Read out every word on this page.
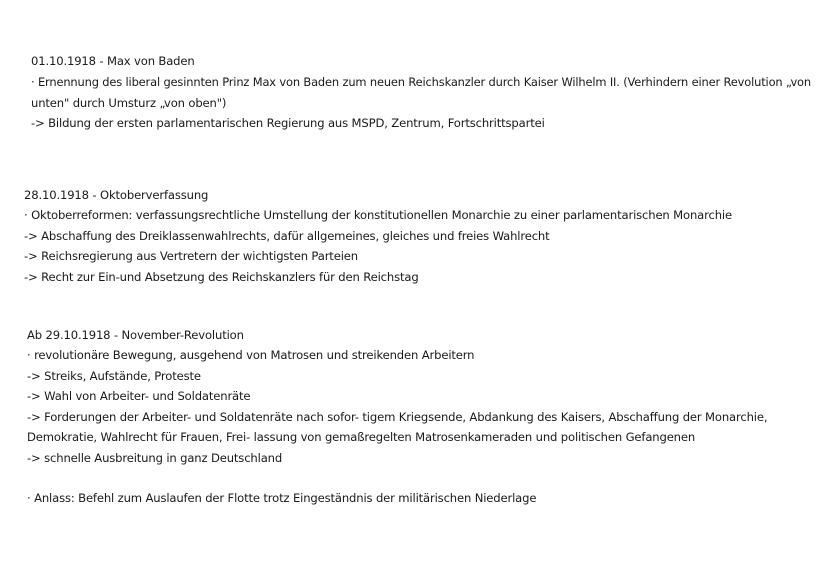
01.10.1918 - Max von Baden
· Ernennung des liberal gesinnten Prinz Max von Baden zum neuen Reichskanzler durch Kaiser Wilhelm II. (Verhindern einer Revolution „von
unten" durch Umsturz „von oben")
-> Bildung der ersten parlamentarischen Regierung aus MSPD, Zentrum, Fortschrittspartei
28.10.1918 - Oktoberverfassung
· Oktoberreformen: verfassungsrechtliche Umstellung der konstitutionellen Monarchie zu einer parlamentarischen Monarchie
-> Abschaffung des Dreiklassenwahlrechts, dafür allgemeines, gleiches und freies Wahlrecht
-> Reichsregierung aus Vertretern der wichtigsten Parteien
-> Recht zur Ein-und Absetzung des Reichskanzlers für den Reichstag
Ab 29.10.1918 - November-Revolution
· revolutionäre Bewegung, ausgehend von Matrosen und streikenden Arbeitern
-> Streiks, Aufstände, Proteste
-> Wahl von Arbeiter- und Soldatenräte
-> Forderungen der Arbeiter- und Soldatenräte nach sofor- tigem Kriegsende, Abdankung des Kaisers, Abschaffung der Monarchie,
Demokratie, Wahlrecht für Frauen, Frei- lassung von gemaßregelten Matrosenkameraden und politischen Gefangenen
-> schnelle Ausbreitung in ganz Deutschland
· Anlass: Befehl zum Auslaufen der Flotte trotz Eingeständnis der militärischen Niederlage
